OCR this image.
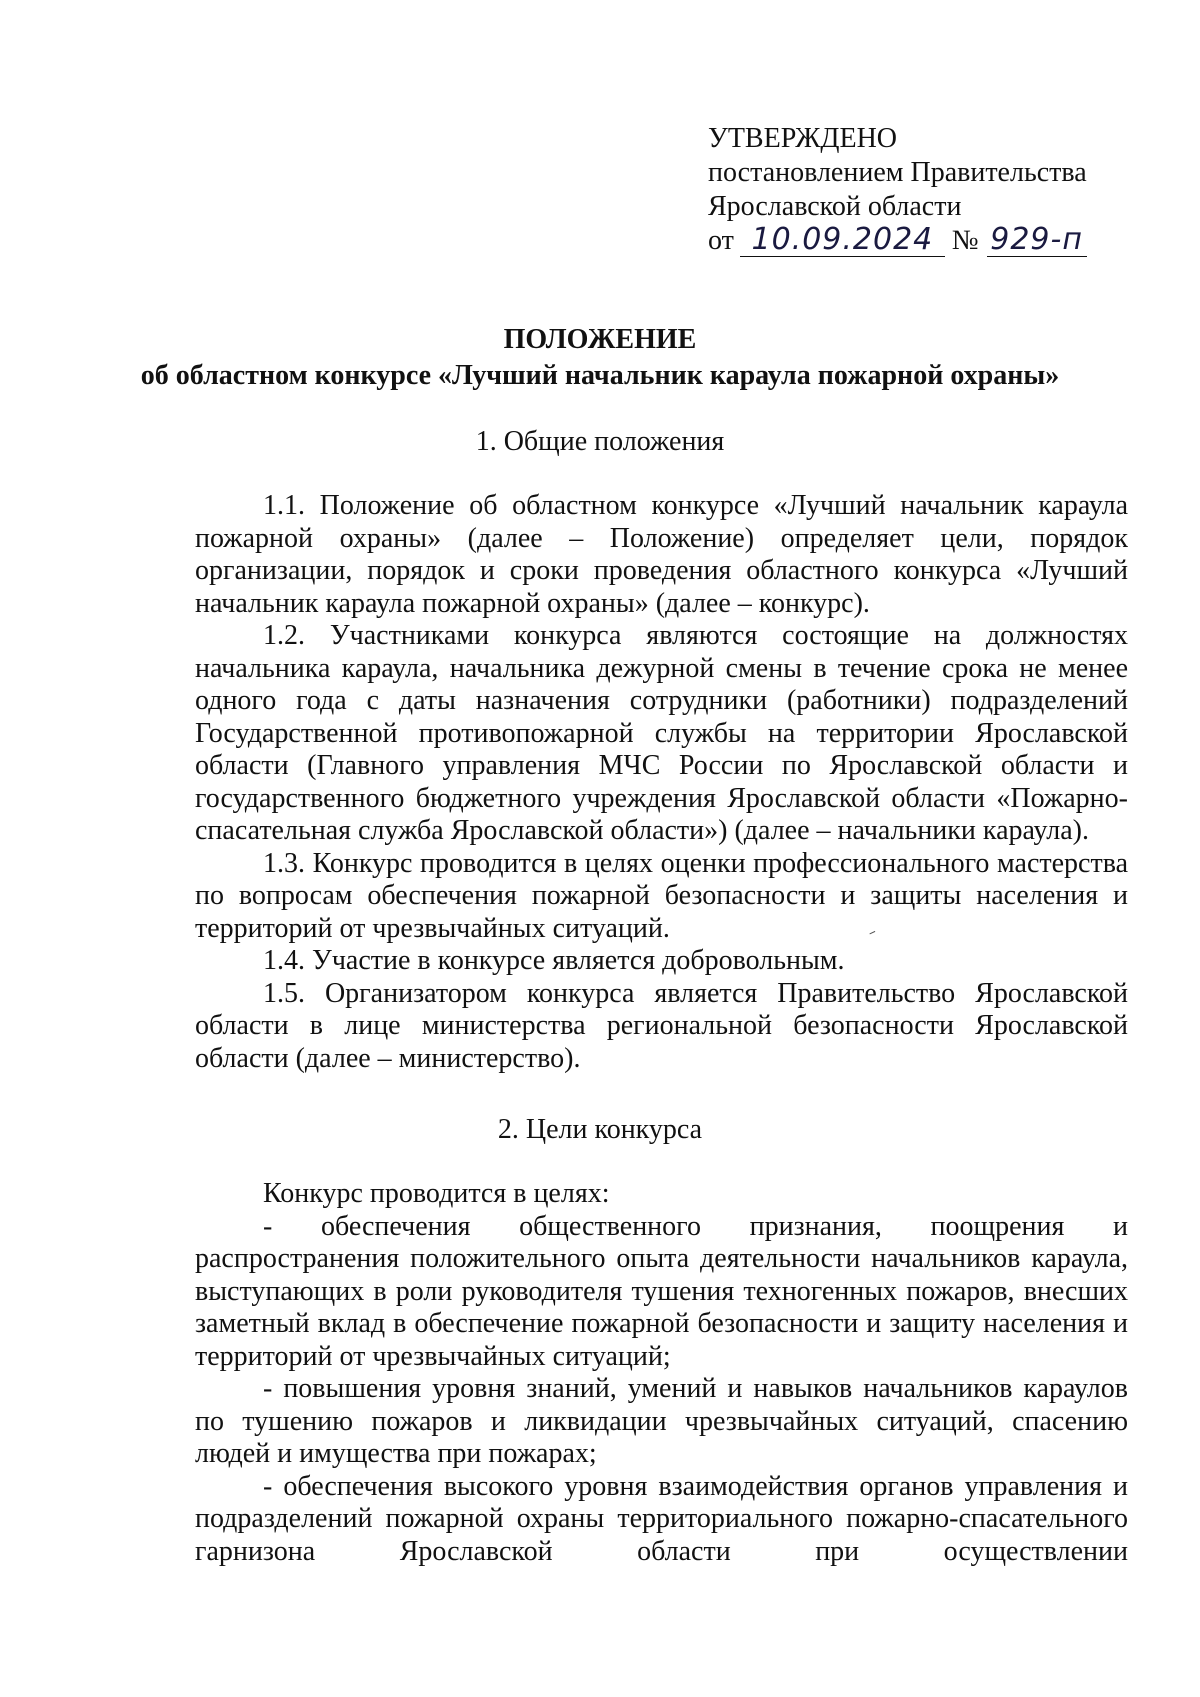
УТВЕРЖДЕНО
постановлением Правительства
Ярославской области
от 10.09.2024 № 929-п
ПОЛОЖЕНИЕ
об областном конкурсе «Лучший начальник караула пожарной охраны»
1. Общие положения

1.1. Положение об областном конкурсе «Лучший начальник караула пожарной охраны» (далее – Положение) определяет цели, порядок организации, порядок и сроки проведения областного конкурса «Лучший начальник караула пожарной охраны» (далее – конкурс).

1.2. Участниками конкурса являются состоящие на должностях начальника караула, начальника дежурной смены в течение срока не менее одного года с даты назначения сотрудники (работники) подразделений Государственной противопожарной службы на территории Ярославской области (Главного управления МЧС России по Ярославской области и государственного бюджетного учреждения Ярославской области «Пожарно-спасательная служба Ярославской области») (далее – начальники караула).

1.3. Конкурс проводится в целях оценки профессионального мастерства по вопросам обеспечения пожарной безопасности и защиты населения и территорий от чрезвычайных ситуаций.

1.4. Участие в конкурсе является добровольным.

1.5. Организатором конкурса является Правительство Ярославской области в лице министерства региональной безопасности Ярославской области (далее – министерство).

2. Цели конкурса

Конкурс проводится в целях:

- обеспечения общественного признания, поощрения и распространения положительного опыта деятельности начальников караула, выступающих в роли руководителя тушения техногенных пожаров, внесших заметный вклад в обеспечение пожарной безопасности и защиту населения и территорий от чрезвычайных ситуаций;

- повышения уровня знаний, умений и навыков начальников караулов по тушению пожаров и ликвидации чрезвычайных ситуаций, спасению людей и имущества при пожарах;

- обеспечения высокого уровня взаимодействия органов управления и подразделений пожарной охраны территориального пожарно-спасательного гарнизона Ярославской области при осуществлении
